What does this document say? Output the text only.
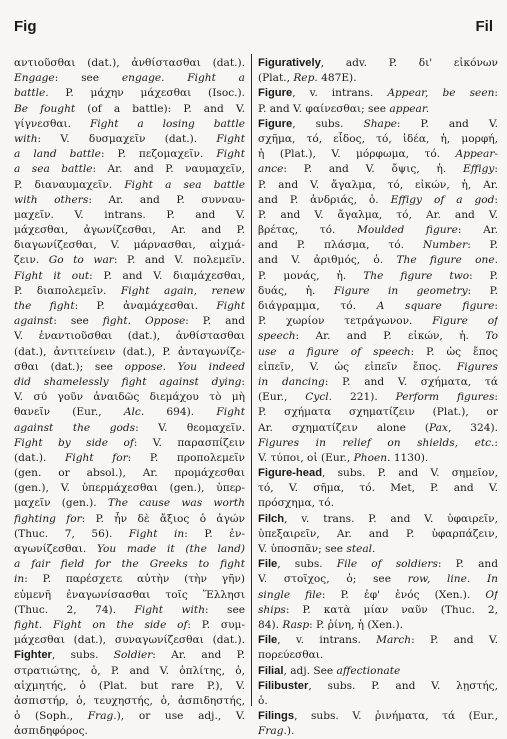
Fig	Fil
αντιοῦσθαι (dat.), ἀνθίστασθαι (dat.).
Engage: see engage. Fight a
battle. P. μάχην μάχεσθαι (Isoc.).
Be fought (of a battle): P. and V.
γίγνεσθαι. Fight a losing battle
with: V. δυσμαχεῖν (dat.). Fight
a land battle: P. πεζομαχεῖν. Fight
a sea battle: Ar. and P. ναυμαχεῖν,
P. διαναυμαχεῖν. Fight a sea battle
with others: Ar. and P. συνναυ-
μαχεῖν. V. intrans. P. and V.
μάχεσθαι, ἀγωνίζεσθαι, Ar. and P.
διαγωνίζεσθαι, V. μάρνασθαι, αἰχμά-
ζειν. Go to war: P. and V. πολεμεῖν.
Fight it out: P. and V. διαμάχεσθαι,
P. διαπολεμεῖν. Fight again, renew
the fight: P. ἀναμάχεσθαι. Fight
against: see fight. Oppose: P. and
V. ἐναντιοῦσθαι (dat.), ἀνθίστασθαι
(dat.), ἀντιτείνειν (dat.), P. ἀνταγωνίζε-
σθαι (dat.); see oppose. You indeed
did shamelessly fight against dying:
V. σύ γοῦν ἀναιδῶς διεμάχου τὸ μὴ
θανεῖν (Eur., Alc. 694). Fight
against the gods: V. θεομαχεῖν.
Fight by side of: V. παρασπίζειν
(dat.). Fight for: P. προπολεμεῖν
(gen. or absol.), Ar. προμάχεσθαι
(gen.), V. ὑπερμάχεσθαι (gen.), ὑπερ-
μαχεῖν (gen.). The cause was worth
fighting for: P. ἦν δὲ ἄξιος ὁ ἀγών
(Thuc. 7, 56). Fight in: P. ἐν-
αγωνίζεσθαι. You made it (the land)
a fair field for the Greeks to fight
in: P. παρέσχετε αὐτὴν (τὴν γῆν)
εὐμενῆ ἐναγωνίσασθαι τοῖς Ἕλλησι
(Thuc. 2, 74). Fight with: see
fight. Fight on the side of: P. συμ-
μάχεσθαι (dat.), συναγωνίζεσθαι (dat.).
Fighter, subs. Soldier: Ar. and P.
στρατιώτης, ὁ, P. and V. ὁπλίτης, ὁ,
αἰχμητής, ὁ (Plat. but rare P.), V.
ἀσπιστήρ, ὁ, τευχηστής, ὁ, ἀσπιδηστής,
ὁ (Soph., Frag.), or use adj., V.
ἀσπιδηφόρος.
Figuratively, adv. P. δι' εἰκόνων
(Plat., Rep. 487E).
Figure, v. intrans. Appear, be seen:
P. and V. φαίνεσθαι; see appear.
Figure, subs. Shape: P. and V.
σχῆμα, τό, εἶδος, τό, ἰδέα, ἡ, μορφή,
ἡ (Plat.), V. μόρφωμα, τό. Appear-
ance: P. and V. ὄψις, ἡ. Effigy:
P. and V. ἄγαλμα, τό, εἰκών, ἡ, Ar.
and P. ἀνδριάς, ὁ. Effigy of a god:
P. and V. ἄγαλμα, τό, Ar. and V.
βρέτας, τό. Moulded figure: Ar.
and P. πλάσμα, τό. Number: P.
and V. ἀριθμός, ὁ. The figure one.
P. μονάς, ἡ. The figure two: P.
δυάς, ἡ. Figure in geometry: P.
διάγραμμα, τό. A square figure:
P. χωρίον τετράγωνον. Figure of
speech: Ar. and P. εἰκών, ἡ. To
use a figure of speech: P. ὡς ἔπος
εἰπεῖν, V. ὡς εἰπεῖν ἔπος. Figures
in dancing: P. and V. σχήματα, τά
(Eur., Cycl. 221). Perform figures:
P. σχήματα σχηματίζειν (Plat.), or
Ar. σχηματίζειν alone (Pax, 324).
Figures in relief on shields, etc.:
V. τύποι, οἱ (Eur., Phoen. 1130).
Figure-head, subs. P. and V. σημεῖον,
τό, V. σῆμα, τό. Met, P. and V.
πρόσχημα, τό.
Filch, v. trans. P. and V. ὑφαιρεῖν,
ὑπεξαιρεῖν, Ar. and P. ὑφαρπάζειν,
V. ὑποσπᾶν; see steal.
File, subs. File of soldiers: P. and
V. στοῖχος, ὁ; see row, line. In
single file: P. ἐφ' ἑνός (Xen.). Of
ships: P. κατὰ μίαν ναῦν (Thuc. 2,
84). Rasp: P. ῥίνη, ἡ (Xen.).
File, v. intrans. March: P. and V.
πορεύεσθαι.
Filial, adj. See affectionate
Filibuster, subs. P. and V. λῃστής,
ὁ.
Filings, subs. V. ῥινήματα, τά (Eur.,
Frag.).
